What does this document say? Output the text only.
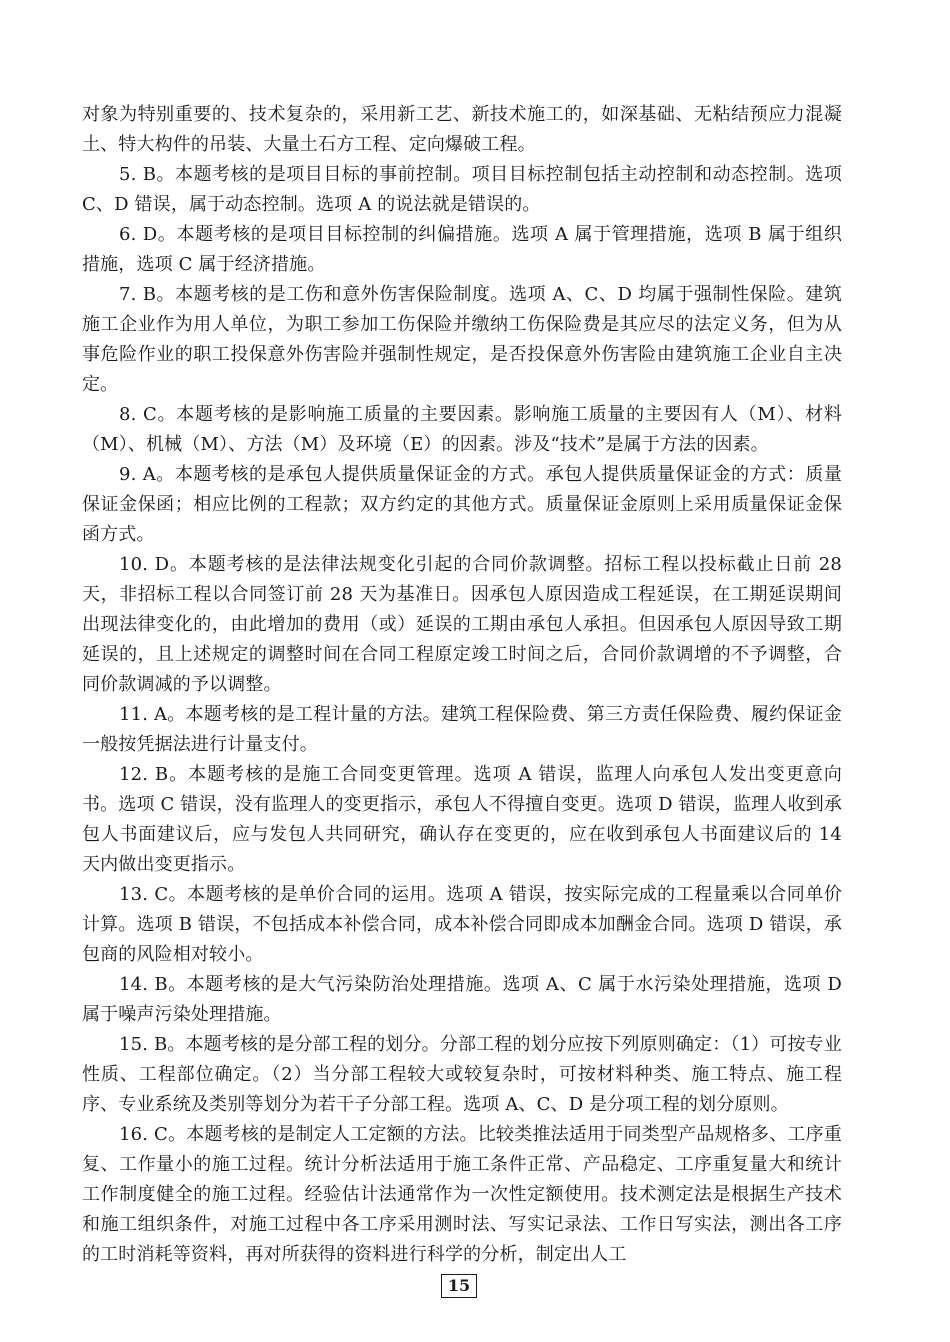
对象为特别重要的、技术复杂的，采用新工艺、新技术施工的，如深基础、无粘结预应力混凝土、特大构件的吊装、大量土石方工程、定向爆破工程。

5. B。本题考核的是项目目标的事前控制。项目目标控制包括主动控制和动态控制。选项 C、D 错误，属于动态控制。选项 A 的说法就是错误的。

6. D。本题考核的是项目目标控制的纠偏措施。选项 A 属于管理措施，选项 B 属于组织措施，选项 C 属于经济措施。

7. B。本题考核的是工伤和意外伤害保险制度。选项 A、C、D 均属于强制性保险。建筑施工企业作为用人单位，为职工参加工伤保险并缴纳工伤保险费是其应尽的法定义务，但为从事危险作业的职工投保意外伤害险并强制性规定，是否投保意外伤害险由建筑施工企业自主决定。

8. C。本题考核的是影响施工质量的主要因素。影响施工质量的主要因有人（M）、材料（M）、机械（M）、方法（M）及环境（E）的因素。涉及“技术”是属于方法的因素。

9. A。本题考核的是承包人提供质量保证金的方式。承包人提供质量保证金的方式：质量保证金保函；相应比例的工程款；双方约定的其他方式。质量保证金原则上采用质量保证金保函方式。

10. D。本题考核的是法律法规变化引起的合同价款调整。招标工程以投标截止日前 28 天，非招标工程以合同签订前 28 天为基准日。因承包人原因造成工程延误，在工期延误期间出现法律变化的，由此增加的费用（或）延误的工期由承包人承担。但因承包人原因导致工期延误的，且上述规定的调整时间在合同工程原定竣工时间之后，合同价款调增的不予调整，合同价款调减的予以调整。

11. A。本题考核的是工程计量的方法。建筑工程保险费、第三方责任保险费、履约保证金一般按凭据法进行计量支付。

12. B。本题考核的是施工合同变更管理。选项 A 错误，监理人向承包人发出变更意向书。选项 C 错误，没有监理人的变更指示，承包人不得擅自变更。选项 D 错误，监理人收到承包人书面建议后，应与发包人共同研究，确认存在变更的，应在收到承包人书面建议后的 14 天内做出变更指示。

13. C。本题考核的是单价合同的运用。选项 A 错误，按实际完成的工程量乘以合同单价计算。选项 B 错误，不包括成本补偿合同，成本补偿合同即成本加酬金合同。选项 D 错误，承包商的风险相对较小。

14. B。本题考核的是大气污染防治处理措施。选项 A、C 属于水污染处理措施，选项 D 属于噪声污染处理措施。

15. B。本题考核的是分部工程的划分。分部工程的划分应按下列原则确定：（1）可按专业性质、工程部位确定。（2）当分部工程较大或较复杂时，可按材料种类、施工特点、施工程序、专业系统及类别等划分为若干子分部工程。选项 A、C、D 是分项工程的划分原则。

16. C。本题考核的是制定人工定额的方法。比较类推法适用于同类型产品规格多、工序重复、工作量小的施工过程。统计分析法适用于施工条件正常、产品稳定、工序重复量大和统计工作制度健全的施工过程。经验估计法通常作为一次性定额使用。技术测定法是根据生产技术和施工组织条件，对施工过程中各工序采用测时法、写实记录法、工作日写实法，测出各工序的工时消耗等资料，再对所获得的资料进行科学的分析，制定出人工

15
